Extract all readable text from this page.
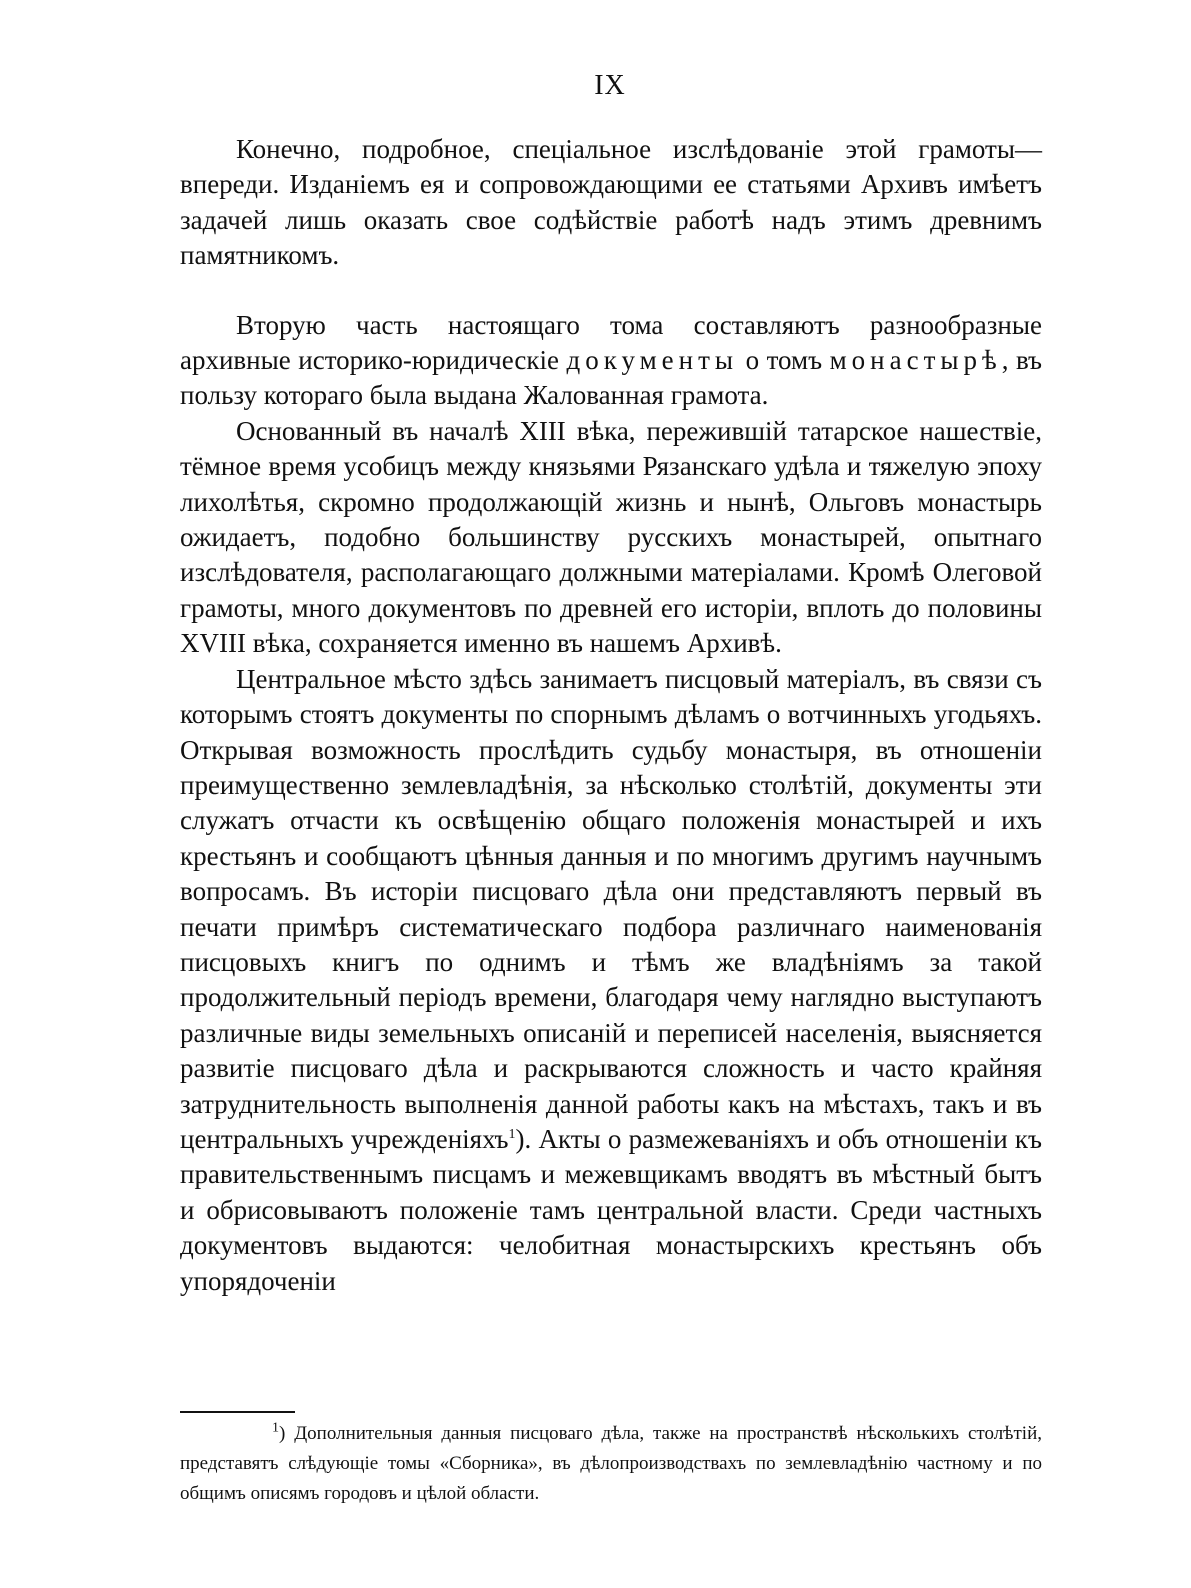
IX

Конечно, подробное, спеціальное изслѣдованіе этой грамоты— впереди. Изданіемъ ея и сопровождающими ее статьями Архивъ имѣетъ задачей лишь оказать свое содѣйствіе работѣ надъ этимъ древнимъ памятникомъ.

Вторую часть настоящаго тома составляютъ разнообразные архивные историко-юридическіе документы о томъ монастырѣ, въ пользу котораго была выдана Жалованная грамота.

Основанный въ началѣ XIII вѣка, пережившій татарское нашествіе, тёмное время усобицъ между князьями Рязанскаго удѣла и тяжелую эпоху лихолѣтья, скромно продолжающій жизнь и нынѣ, Ольговъ монастырь ожидаетъ, подобно большинству русскихъ монастырей, опытнаго изслѣдователя, располагающаго должными матеріалами. Кромѣ Олеговой грамоты, много документовъ по древней его исторіи, вплоть до половины XVIII вѣка, сохраняется именно въ нашемъ Архивѣ.

Центральное мѣсто здѣсь занимаетъ писцовый матеріалъ, въ связи съ которымъ стоятъ документы по спорнымъ дѣламъ о вотчинныхъ угодьяхъ. Открывая возможность прослѣдить судьбу монастыря, въ отношеніи преимущественно землевладѣнія, за нѣсколько столѣтій, документы эти служатъ отчасти къ освѣщенію общаго положенія монастырей и ихъ крестьянъ и сообщаютъ цѣнныя данныя и по многимъ другимъ научнымъ вопросамъ. Въ исторіи писцоваго дѣла они представляютъ первый въ печати примѣръ систематическаго подбора различнаго наименованія писцовыхъ книгъ по однимъ и тѣмъ же владѣніямъ за такой продолжительный періодъ времени, благодаря чему наглядно выступаютъ различные виды земельныхъ описаній и переписей населенія, выясняется развитіе писцоваго дѣла и раскрываются сложность и часто крайняя затруднительность выполненія данной работы какъ на мѣстахъ, такъ и въ центральныхъ учрежденіяхъ$^1$). Акты о размежеваніяхъ и объ отношеніи къ правительственнымъ писцамъ и межевщикамъ вводятъ въ мѣстный бытъ и обрисовываютъ положеніе тамъ центральной власти. Среди частныхъ документовъ выдаются: челобитная монастырскихъ крестьянъ объ упорядоченіи

$^1$) Дополнительныя данныя писцоваго дѣла, также на пространствѣ нѣсколькихъ столѣтій, представятъ слѣдующіе томы «Сборника», въ дѣлопроизводствахъ по землевладѣнію частному и по общимъ описямъ городовъ и цѣлой области.
